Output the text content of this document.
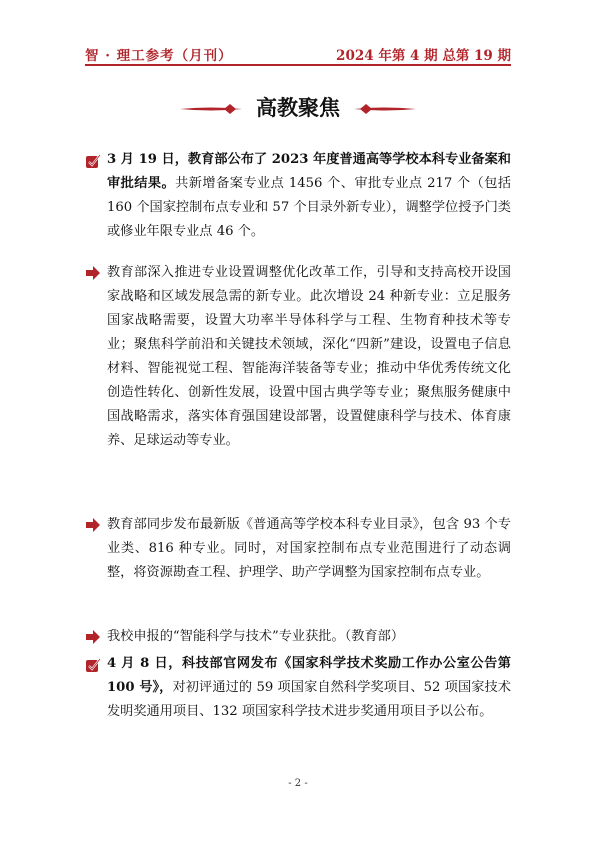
智 · 理工参考（月刊）	2024 年第 4 期 总第 19 期
高教聚焦

3 月 19 日，教育部公布了 2023 年度普通高等学校本科专业备案和审批结果。共新增备案专业点 1456 个、审批专业点 217 个（包括 160 个国家控制布点专业和 57 个目录外新专业），调整学位授予门类或修业年限专业点 46 个。

教育部深入推进专业设置调整优化改革工作，引导和支持高校开设国家战略和区域发展急需的新专业。此次增设 24 种新专业：立足服务国家战略需要，设置大功率半导体科学与工程、生物育种技术等专业；聚焦科学前沿和关键技术领域，深化“四新”建设，设置电子信息材料、智能视觉工程、智能海洋装备等专业；推动中华优秀传统文化创造性转化、创新性发展，设置中国古典学等专业；聚焦服务健康中国战略需求，落实体育强国建设部署，设置健康科学与技术、体育康养、足球运动等专业。

教育部同步发布最新版《普通高等学校本科专业目录》，包含 93 个专业类、816 种专业。同时，对国家控制布点专业范围进行了动态调整，将资源勘查工程、护理学、助产学调整为国家控制布点专业。

我校申报的“智能科学与技术”专业获批。（教育部）

4 月 8 日，科技部官网发布《国家科学技术奖励工作办公室公告第 100 号》，对初评通过的 59 项国家自然科学奖项目、52 项国家技术发明奖通用项目、132 项国家科学技术进步奖通用项目予以公布。

- 2 -
